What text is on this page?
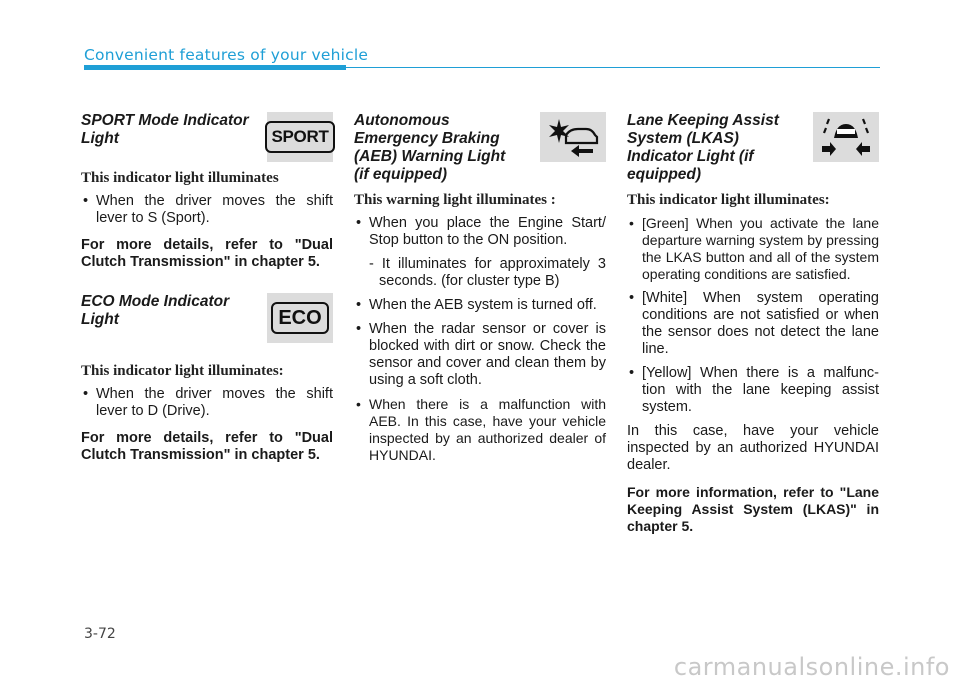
Convenient features of your vehicle

SPORT Mode Indicator Light	SPORT

This indicator light illuminates

• When the driver moves the shift lever to S (Sport).

For more details, refer to "Dual Clutch Transmission" in chapter 5.

ECO Mode Indicator Light	ECO

This indicator light illuminates:

• When the driver moves the shift lever to D (Drive).

For more details, refer to "Dual Clutch Transmission" in chapter 5.

Autonomous Emergency Braking (AEB) Warning Light (if equipped)

This warning light illuminates :

• When you place the Engine Start/ Stop button to the ON position.

- It illuminates for approximately 3 seconds. (for cluster type B)

• When the AEB system is turned off.
• When the radar sensor or cover is blocked with dirt or snow. Check the sensor and cover and clean them by using a soft cloth.
• When there is a malfunction with AEB. In this case, have your vehicle inspected by an authorized dealer of HYUNDAI.

Lane Keeping Assist System (LKAS) Indicator Light (if equipped)

This indicator light illuminates:

• [Green] When you activate the lane departure warning system by pressing the LKAS button and all of the system operating conditions are satisfied.
• [White] When system operating conditions are not satisfied or when the sensor does not detect the lane line.
• [Yellow] When there is a malfunc- tion with the lane keeping assist system.

In this case, have your vehicle inspected by an authorized HYUNDAI dealer.

For more information, refer to "Lane Keeping Assist System (LKAS)" in chapter 5.

3-72
carmanualsonline.info
